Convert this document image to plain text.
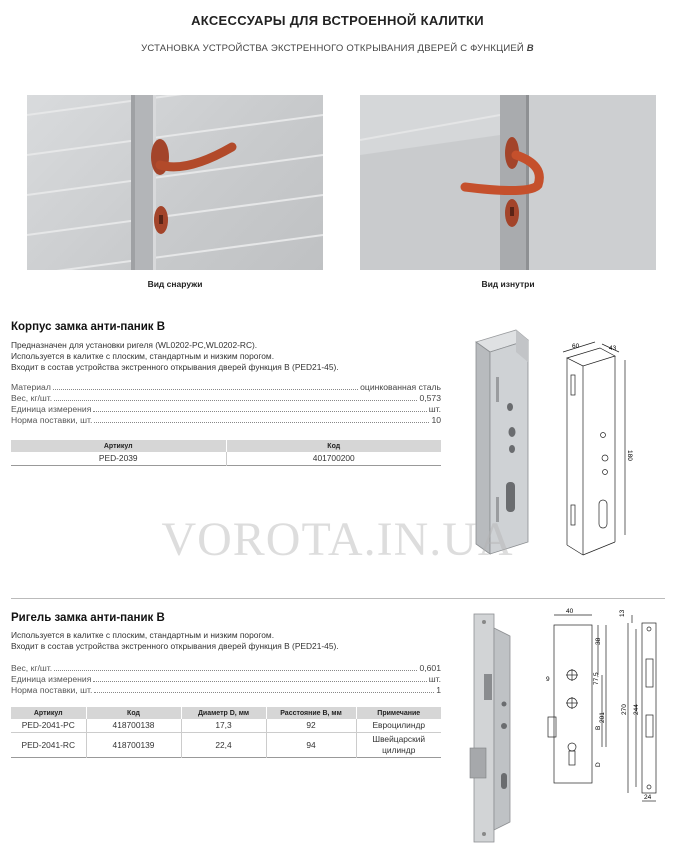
АКСЕССУАРЫ ДЛЯ ВСТРОЕННОЙ КАЛИТКИ
УСТАНОВКА УСТРОЙСТВА ЭКСТРЕННОГО ОТКРЫВАНИЯ ДВЕРЕЙ С ФУНКЦИЕЙ B
Вид снаружи	Вид изнутри
Корпус замка анти-паник B
Предназначен для установки ригеля (WL0202-PC,WL0202-RC).
Используется в калитке с плоским, стандартным и низким порогом.
Входит в состав устройства экстренного открывания дверей функция B (PED21-45).
Материал	оцинкованная сталь
Вес, кг/шт.	0,573
Единица измерения	шт.
Норма поставки, шт.	10
Артикул	Код
PED-2039	401700200
60	43
180
VOROTA.IN.UA
Ригель замка анти-паник B
Используется в калитке с плоским, стандартным и низким порогом.
Входит в состав устройства экстренного открывания дверей функция B (PED21-45).
Вес, кг/шт.	0,601
Единица измерения	шт.
Норма поставки, шт.	1
Артикул	Код	Диаметр D, мм	Расстояние B, мм	Примечание
PED-2041-PC	418700138	17,3	92	Евроцилиндр
PED-2041-RC	418700139	22,4	94	Швейцарский цилиндр
40
38
77,5
201
B
D
9
13
244
270
24
